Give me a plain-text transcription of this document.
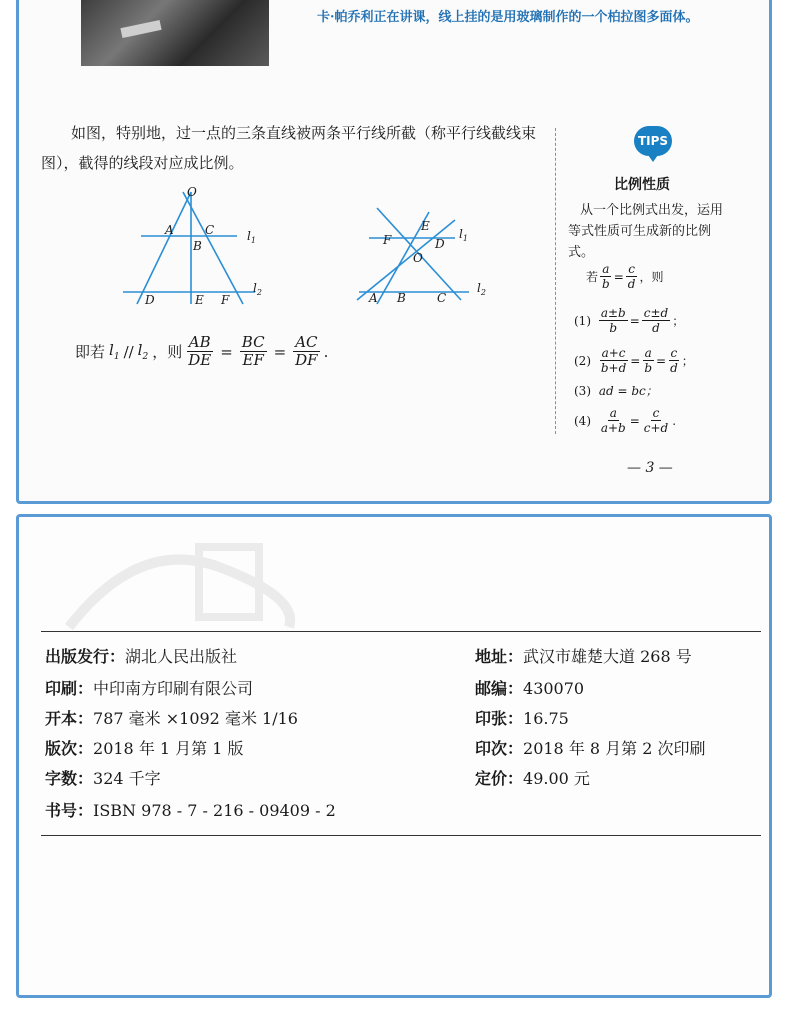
卡·帕乔利正在讲课，线上挂的是用玻璃制作的一个柏拉图多面体。
如图，特别地，过一点的三条直线被两条平行线所截（称平行线截线束图），截得的线段对应成比例。
O
A	C
B
D	E F
$l_1$
$l_2$
E
F	D
O
A B	C
$l_1$
$l_2$
即若 $l_1 // l_2$ ，则 $\frac{AB}{DE} = \frac{BC}{EF} = \frac{AC}{DF}$ .
TIPS
比例性质
从一个比例式出发，运用等式性质可生成新的比例式。
若 $\frac{a}{b} = \frac{c}{d}$ ，则
(1)
$\frac{a\pm b}{b} = \frac{c\pm d}{d}$ ；
(2)
$\frac{a+c}{b+d} = \frac{a}{b} = \frac{c}{d}$ ；
(3)
ad = bc；
(4)
$\frac{a}{a+b} = \frac{c}{c+d}$ .
— 3 —
出版发行：湖北人民出版社	地址：武汉市雄楚大道 268 号
印刷：中印南方印刷有限公司	邮编：430070
开本：787 毫米 ×1092 毫米 1/16	印张：16.75
版次：2018 年 1 月第 1 版	印次：2018 年 8 月第 2 次印刷
字数：324 千字	定价：49.00 元
书号：ISBN 978 - 7 - 216 - 09409 - 2
